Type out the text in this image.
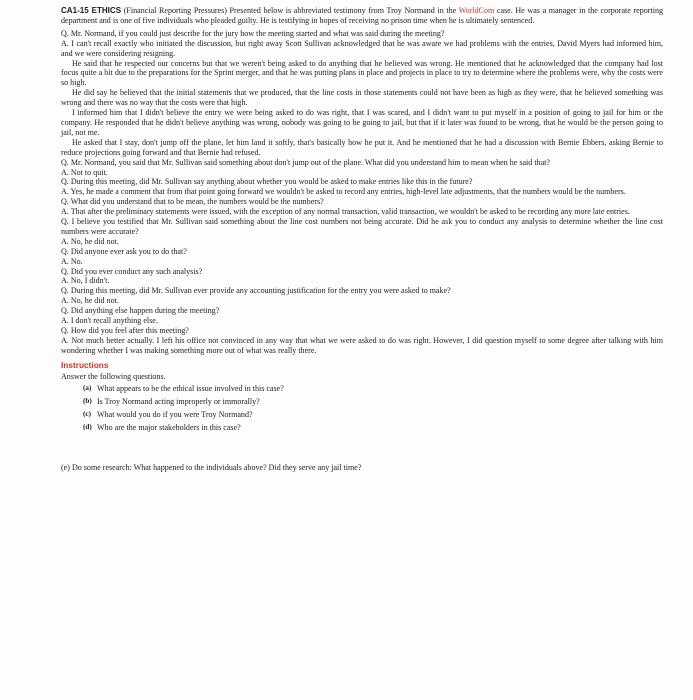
CA1-15 ETHICS (Financial Reporting Pressures) Presented below is abbreviated testimony from Troy Normand in the WorldCom case. He was a manager in the corporate reporting department and is one of five individuals who pleaded guilty. He is testifying in hopes of receiving no prison time when he is ultimately sentenced.

Q. Mr. Normand, if you could just describe for the jury how the meeting started and what was said during the meeting?

A. I can't recall exactly who initiated the discussion, but right away Scott Sullivan acknowledged that he was aware we had problems with the entries, David Myers had informed him, and we were considering resigning.

He said that he respected our concerns but that we weren't being asked to do anything that he believed was wrong. He mentioned that he acknowledged that the company had lost focus quite a bit due to the preparations for the Sprint merger, and that he was putting plans in place and projects in place to try to determine where the problems were, why the costs were so high.

He did say he believed that the initial statements that we produced, that the line costs in those statements could not have been as high as they were, that he believed something was wrong and there was no way that the costs were that high.

I informed him that I didn't believe the entry we were being asked to do was right, that I was scared, and I didn't want to put myself in a position of going to jail for him or the company. He responded that he didn't believe anything was wrong, nobody was going to be going to jail, but that if it later was found to be wrong, that he would be the person going to jail, not me.

He asked that I stay, don't jump off the plane, let him land it softly, that's basically how he put it. And he mentioned that he had a discussion with Bernie Ebbers, asking Bernie to reduce projections going forward and that Bernie had refused.

Q. Mr. Normand, you said that Mr. Sullivan said something about don't jump out of the plane. What did you understand him to mean when he said that?

A. Not to quit.

Q. During this meeting, did Mr. Sullivan say anything about whether you would be asked to make entries like this in the future?

A. Yes, he made a comment that from that point going forward we wouldn't be asked to record any entries, high-level late adjustments, that the numbers would be the numbers.

Q. What did you understand that to be mean, the numbers would be the numbers?

A. That after the preliminary statements were issued, with the exception of any normal transaction, valid transaction, we wouldn't be asked to be recording any more late entries.

Q. I believe you testified that Mr. Sullivan said something about the line cost numbers not being accurate. Did he ask you to conduct any analysis to determine whether the line cost numbers were accurate?

A. No, he did not.

Q. Did anyone ever ask you to do that?

A. No.

Q. Did you ever conduct any such analysis?

A. No, I didn't.

Q. During this meeting, did Mr. Sullivan ever provide any accounting justification for the entry you were asked to make?

A. No, he did not.

Q. Did anything else happen during the meeting?

A. I don't recall anything else.

Q. How did you feel after this meeting?

A. Not much better actually. I left his office not convinced in any way that what we were asked to do was right. However, I did question myself to some degree after talking with him wondering whether I was making something more out of what was really there.

Instructions

Answer the following questions.

(a) What appears to be the ethical issue involved in this case?
(b) Is Troy Normand acting improperly or immorally?
(c) What would you do if you were Troy Normand?
(d) Who are the major stakeholders in this case?

(e) Do some research: What happened to the individuals above? Did they serve any jail time?
